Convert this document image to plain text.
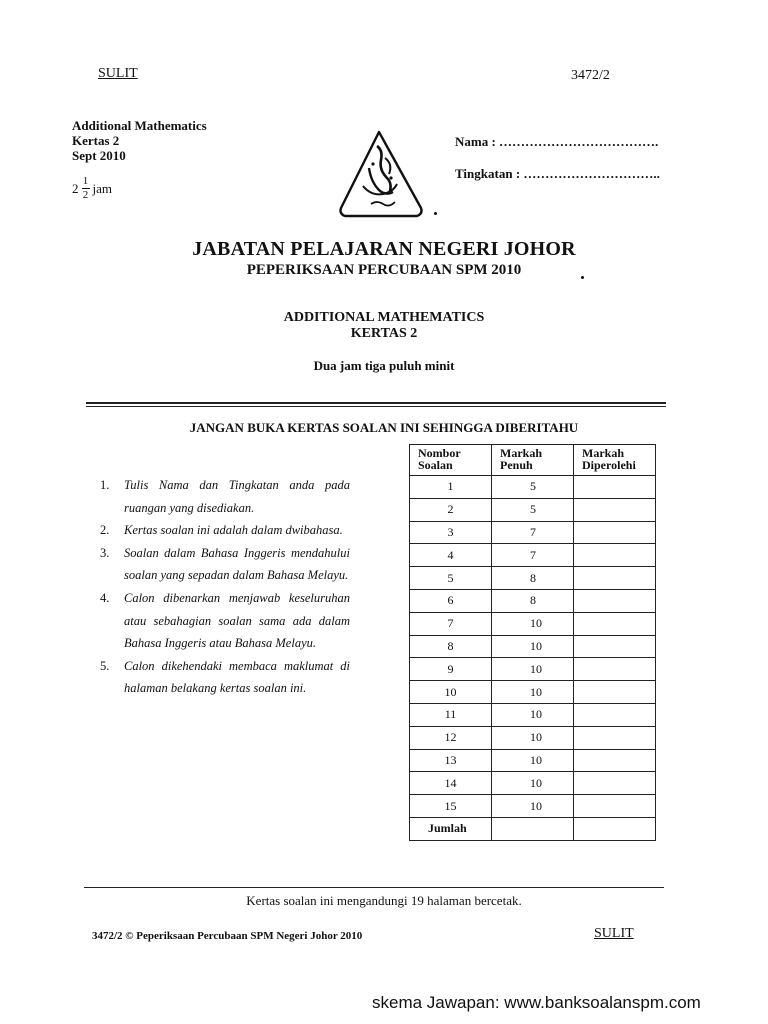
SULIT	3472/2
Additional Mathematics
Kertas 2
Sept 2010
$2 \frac{1}{2}$ jam
Nama : ……………………………….
Tingkatan : …………………………..
JABATAN PELAJARAN NEGERI JOHOR
PEPERIKSAAN PERCUBAAN SPM 2010
ADDITIONAL MATHEMATICS
KERTAS 2
Dua jam tiga puluh minit
JANGAN BUKA KERTAS SOALAN INI SEHINGGA DIBERITAHU
1.	Tulis Nama dan Tingkatan anda pada ruangan yang disediakan.
2.	Kertas soalan ini adalah dalam dwibahasa.
3.	Soalan dalam Bahasa Inggeris mendahului soalan yang sepadan dalam Bahasa Melayu.
4.	Calon dibenarkan menjawab keseluruhan atau sebahagian soalan sama ada dalam Bahasa Inggeris atau Bahasa Melayu.
5.	Calon dikehendaki membaca maklumat di halaman belakang kertas soalan ini.
Nombor Soalan	Markah Penuh	Markah Diperolehi
1	5	
2	5	
3	7	
4	7	
5	8	
6	8	
7	10	
8	10	
9	10	
10	10	
11	10	
12	10	
13	10	
14	10	
15	10	
Jumlah		
Kertas soalan ini mengandungi 19 halaman bercetak.
3472/2 © Peperiksaan Percubaan SPM Negeri Johor 2010	SULIT
skema Jawapan: www.banksoalanspm.com
